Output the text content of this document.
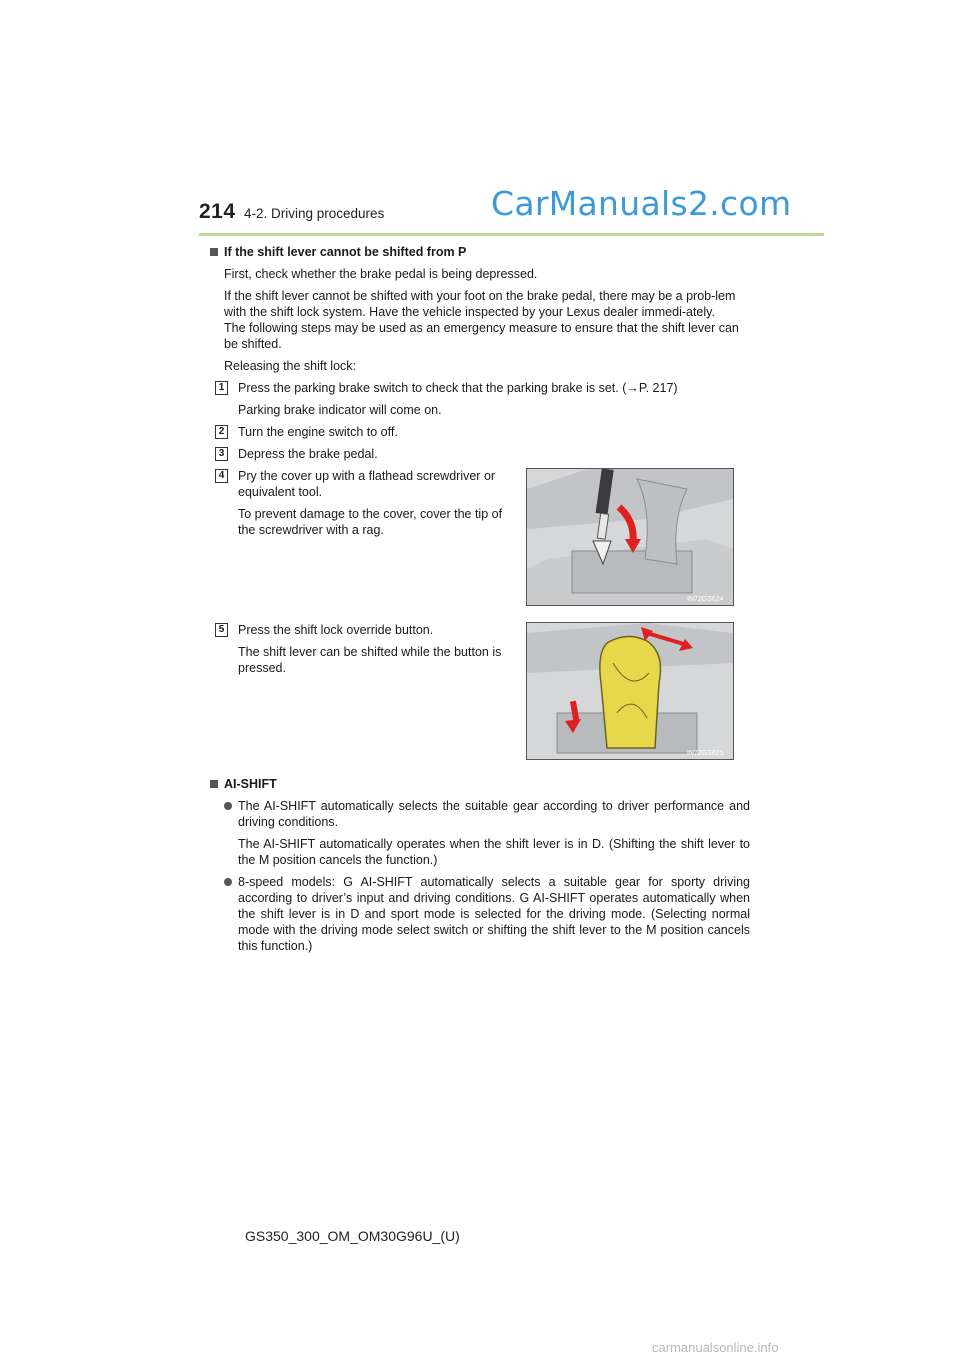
214 4-2. Driving procedures	CarManuals2.com
If the shift lever cannot be shifted from P
First, check whether the brake pedal is being depressed.
If the shift lever cannot be shifted with your foot on the brake pedal, there may be a prob-lem with the shift lock system. Have the vehicle inspected by your Lexus dealer immedi-ately.
The following steps may be used as an emergency measure to ensure that the shift lever can be shifted.
Releasing the shift lock:
1 Press the parking brake switch to check that the parking brake is set. (→P. 217)
Parking brake indicator will come on.
2 Turn the engine switch to off.
3 Depress the brake pedal.
4 Pry the cover up with a flathead screwdriver or equivalent tool.
To prevent damage to the cover, cover the tip of the screwdriver with a rag.
IN72GS624
5 Press the shift lock override button.
The shift lever can be shifted while the button is pressed.
IN72GS625
AI-SHIFT
The AI-SHIFT automatically selects the suitable gear according to driver performance and driving conditions.
The AI-SHIFT automatically operates when the shift lever is in D. (Shifting the shift lever to the M position cancels the function.)
8-speed models: G AI-SHIFT automatically selects a suitable gear for sporty driving according to driver’s input and driving conditions. G AI-SHIFT operates automatically when the shift lever is in D and sport mode is selected for the driving mode. (Selecting normal mode with the driving mode select switch or shifting the shift lever to the M position cancels this function.)
GS350_300_OM_OM30G96U_(U)
carmanualsonline.info
